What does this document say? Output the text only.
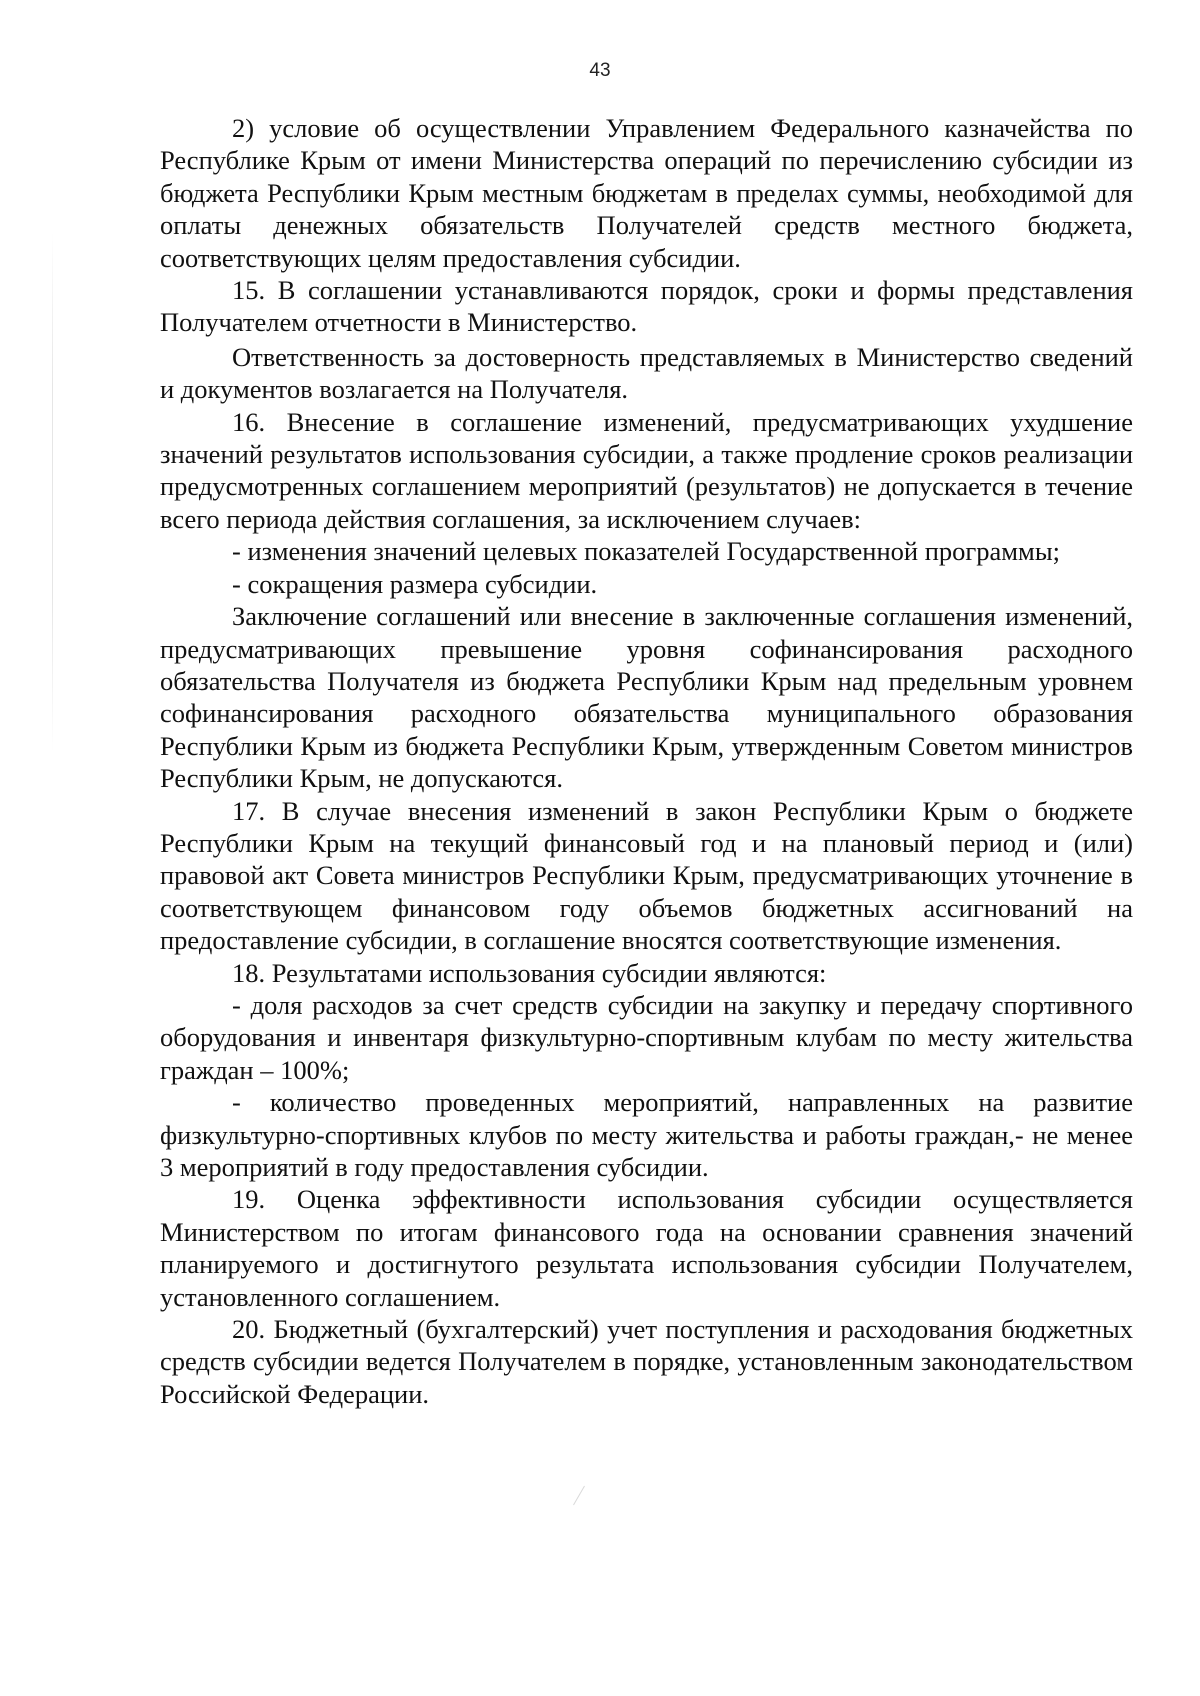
43

2) условие об осуществлении Управлением Федерального казначейства по Республике Крым от имени Министерства операций по перечислению субсидии из бюджета Республики Крым местным бюджетам в пределах суммы, необходимой для оплаты денежных обязательств Получателей средств местного бюджета, соответствующих целям предоставления субсидии.

15. В соглашении устанавливаются порядок, сроки и формы представления Получателем отчетности в Министерство.

Ответственность за достоверность представляемых в Министерство сведений и документов возлагается на Получателя.

16. Внесение в соглашение изменений, предусматривающих ухудшение значений результатов использования субсидии, а также продление сроков реализации предусмотренных соглашением мероприятий (результатов) не допускается в течение всего периода действия соглашения, за исключением случаев:

- изменения значений целевых показателей Государственной программы;

- сокращения размера субсидии.

Заключение соглашений или внесение в заключенные соглашения изменений, предусматривающих превышение уровня софинансирования расходного обязательства Получателя из бюджета Республики Крым над предельным уровнем софинансирования расходного обязательства муниципального образования Республики Крым из бюджета Республики Крым, утвержденным Советом министров Республики Крым, не допускаются.

17. В случае внесения изменений в закон Республики Крым о бюджете Республики Крым на текущий финансовый год и на плановый период и (или) правовой акт Совета министров Республики Крым, предусматривающих уточнение в соответствующем финансовом году объемов бюджетных ассигнований на предоставление субсидии, в соглашение вносятся соответствующие изменения.

18. Результатами использования субсидии являются:

- доля расходов за счет средств субсидии на закупку и передачу спортивного оборудования и инвентаря физкультурно-спортивным клубам по месту жительства граждан – 100%;

- количество проведенных мероприятий, направленных на развитие физкультурно-спортивных клубов по месту жительства и работы граждан,- не менее 3 мероприятий в году предоставления субсидии.

19. Оценка эффективности использования субсидии осуществляется Министерством по итогам финансового года на основании сравнения значений планируемого и достигнутого результата использования субсидии Получателем, установленного соглашением.

20. Бюджетный (бухгалтерский) учет поступления и расходования бюджетных средств субсидии ведется Получателем в порядке, установленным законодательством Российской Федерации.
